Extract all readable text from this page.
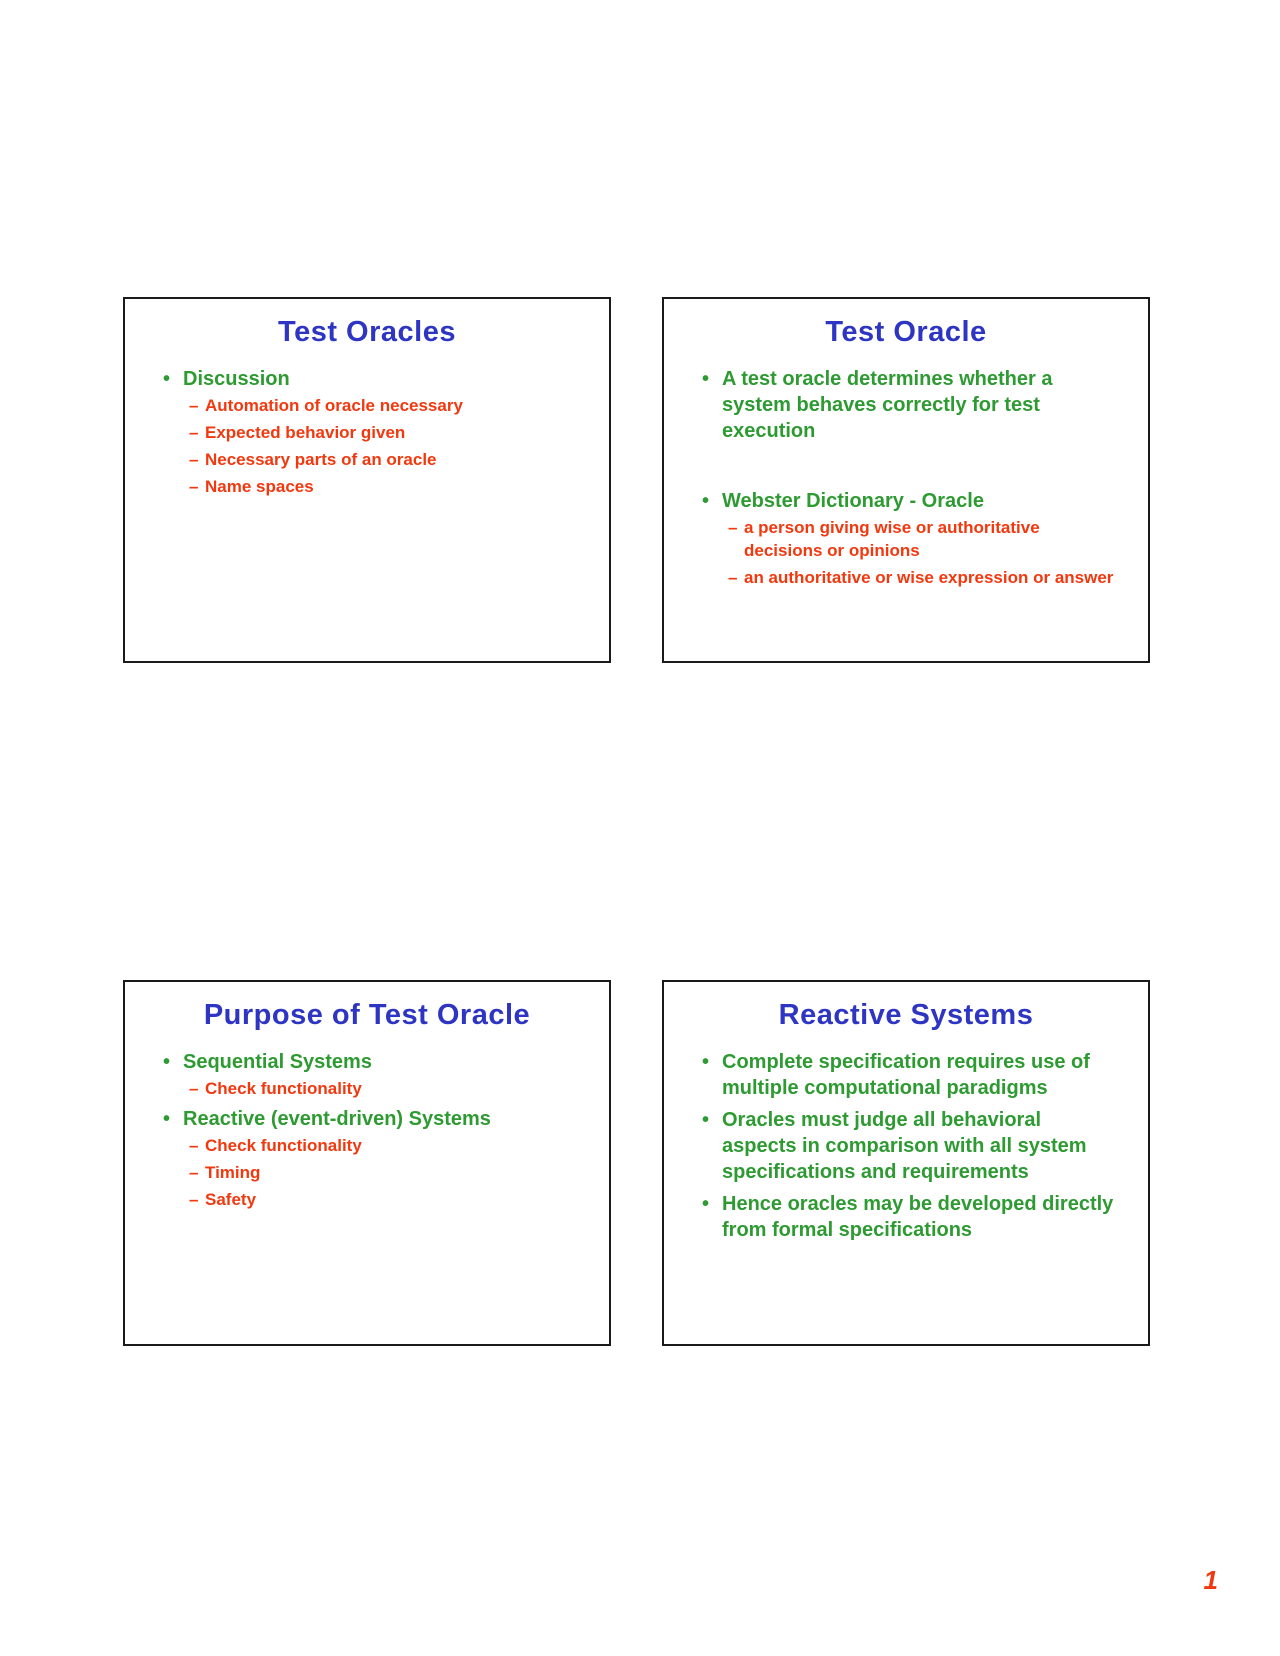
Test Oracles
• Discussion
– Automation of oracle necessary
– Expected behavior given
– Necessary parts of an oracle
– Name spaces
Test Oracle
• A test oracle determines whether a system behaves correctly for test execution
• Webster Dictionary - Oracle
– a person giving wise or authoritative decisions or opinions
– an authoritative or wise expression or answer
Purpose of Test Oracle
• Sequential Systems
– Check functionality
• Reactive (event-driven) Systems
– Check functionality
– Timing
– Safety
Reactive Systems
• Complete specification requires use of multiple computational paradigms
• Oracles must judge all behavioral aspects in comparison with all system specifications and requirements
• Hence oracles may be developed directly from formal specifications
1
